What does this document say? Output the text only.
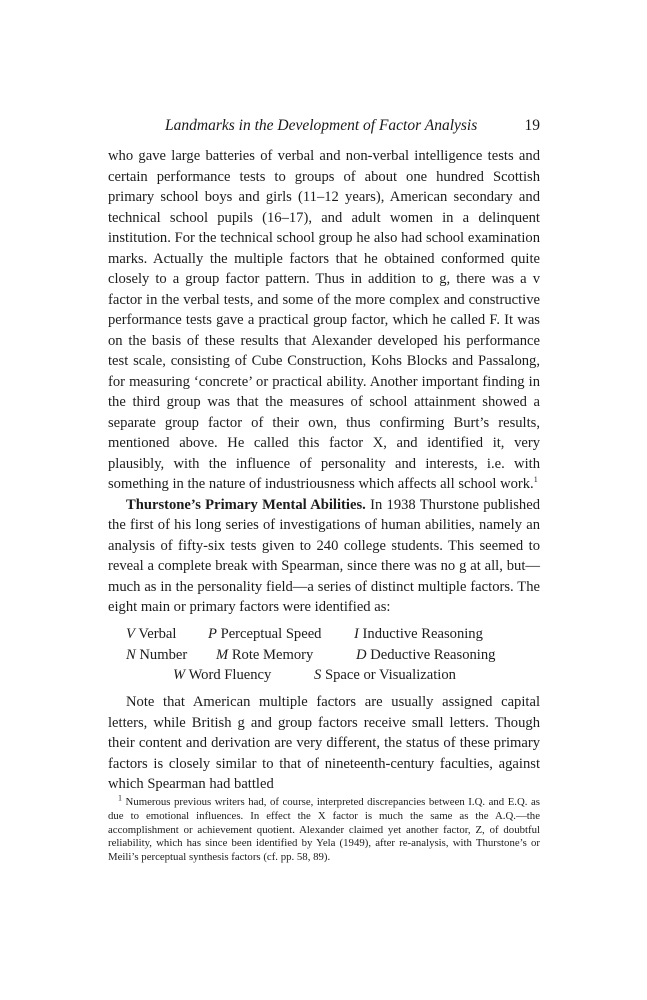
Landmarks in the Development of Factor Analysis	19

who gave large batteries of verbal and non-verbal intelligence tests and certain performance tests to groups of about one hundred Scottish primary school boys and girls (11–12 years), American secondary and technical school pupils (16–17), and adult women in a delinquent institution. For the technical school group he also had school examination marks. Actually the multiple factors that he obtained conformed quite closely to a group factor pattern. Thus in addition to g, there was a v factor in the verbal tests, and some of the more complex and constructive performance tests gave a practical group factor, which he called F. It was on the basis of these results that Alexander developed his performance test scale, consisting of Cube Construction, Kohs Blocks and Passalong, for measuring ‘concrete’ or practical ability. Another important finding in the third group was that the measures of school attainment showed a separate group factor of their own, thus confirming Burt’s results, mentioned above. He called this factor X, and identified it, very plausibly, with the influence of personality and interests, i.e. with something in the nature of industriousness which affects all school work.$^1$

Thurstone’s Primary Mental Abilities. In 1938 Thurstone published the first of his long series of investigations of human abilities, namely an analysis of fifty-six tests given to 240 college students. This seemed to reveal a complete break with Spearman, since there was no g at all, but—much as in the personality field—a series of distinct multiple factors. The eight main or primary factors were identified as:

V Verbal P Perceptual Speed I Inductive Reasoning
N Number M Rote Memory	D Deductive Reasoning
W Word Fluency	S Space or Visualization

Note that American multiple factors are usually assigned capital letters, while British g and group factors receive small letters. Though their content and derivation are very different, the status of these primary factors is closely similar to that of nineteenth-century faculties, against which Spearman had battled

$^1$ Numerous previous writers had, of course, interpreted discrepancies between I.Q. and E.Q. as due to emotional influences. In effect the X factor is much the same as the A.Q.—the accomplishment or achievement quotient. Alexander claimed yet another factor, Z, of doubtful reliability, which has since been identified by Yela (1949), after re-analysis, with Thurstone’s or Meili’s perceptual synthesis factors (cf. pp. 58, 89).
